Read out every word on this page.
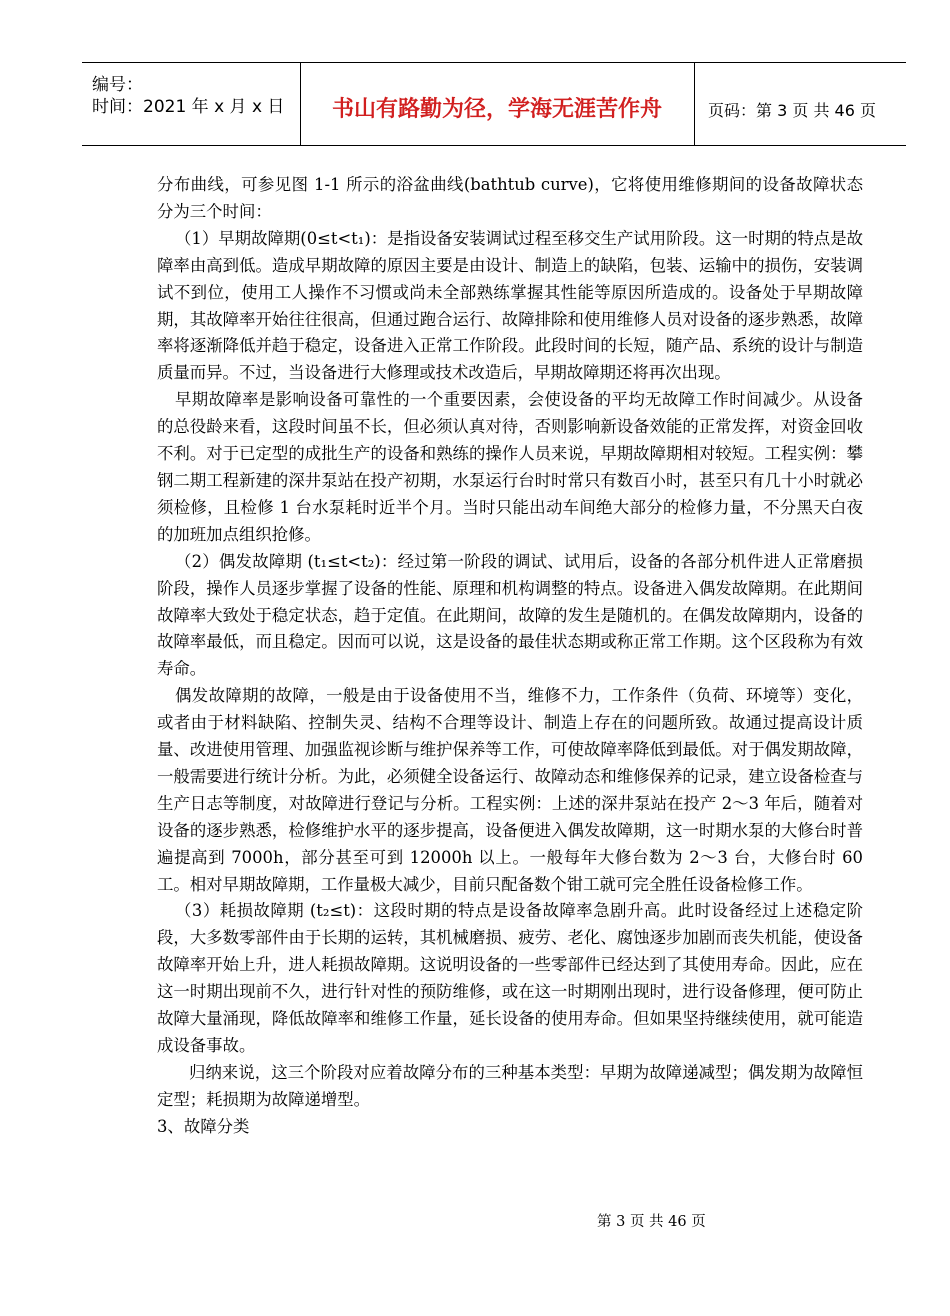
编号：
时间：2021 年 x 月 x 日	书山有路勤为径，学海无涯苦作舟	页码：第 3 页 共 46 页

分布曲线，可参见图 1-1 所示的浴盆曲线(bathtub curve)，它将使用维修期间的设备故障状态分为三个时间：

（1）早期故障期(0≤t<t₁)：是指设备安装调试过程至移交生产试用阶段。这一时期的特点是故障率由高到低。造成早期故障的原因主要是由设计、制造上的缺陷，包装、运输中的损伤，安装调试不到位，使用工人操作不习惯或尚未全部熟练掌握其性能等原因所造成的。设备处于早期故障期，其故障率开始往往很高，但通过跑合运行、故障排除和使用维修人员对设备的逐步熟悉，故障率将逐渐降低并趋于稳定，设备进入正常工作阶段。此段时间的长短，随产品、系统的设计与制造质量而异。不过，当设备进行大修理或技术改造后，早期故障期还将再次出现。

早期故障率是影响设备可靠性的一个重要因素，会使设备的平均无故障工作时间减少。从设备的总役龄来看，这段时间虽不长，但必须认真对待，否则影响新设备效能的正常发挥，对资金回收不利。对于已定型的成批生产的设备和熟练的操作人员来说，早期故障期相对较短。工程实例：攀钢二期工程新建的深井泵站在投产初期，水泵运行台时时常只有数百小时，甚至只有几十小时就必须检修，且检修 1 台水泵耗时近半个月。当时只能出动车间绝大部分的检修力量，不分黑天白夜的加班加点组织抢修。

（2）偶发故障期 (t₁≤t<t₂)：经过第一阶段的调试、试用后，设备的各部分机件进人正常磨损阶段，操作人员逐步掌握了设备的性能、原理和机构调整的特点。设备进入偶发故障期。在此期间故障率大致处于稳定状态，趋于定值。在此期间，故障的发生是随机的。在偶发故障期内，设备的故障率最低，而且稳定。因而可以说，这是设备的最佳状态期或称正常工作期。这个区段称为有效寿命。

偶发故障期的故障，一般是由于设备使用不当，维修不力，工作条件（负荷、环境等）变化，或者由于材料缺陷、控制失灵、结构不合理等设计、制造上存在的问题所致。故通过提高设计质量、改进使用管理、加强监视诊断与维护保养等工作，可使故障率降低到最低。对于偶发期故障，一般需要进行统计分析。为此，必须健全设备运行、故障动态和维修保养的记录，建立设备检查与生产日志等制度，对故障进行登记与分析。工程实例：上述的深井泵站在投产 2～3 年后，随着对设备的逐步熟悉，检修维护水平的逐步提高，设备便进入偶发故障期，这一时期水泵的大修台时普遍提高到 7000h，部分甚至可到 12000h 以上。一般每年大修台数为 2～3 台，大修台时 60 工。相对早期故障期，工作量极大减少，目前只配备数个钳工就可完全胜任设备检修工作。

（3）耗损故障期 (t₂≤t)：这段时期的特点是设备故障率急剧升高。此时设备经过上述稳定阶段，大多数零部件由于长期的运转，其机械磨损、疲劳、老化、腐蚀逐步加剧而丧失机能，使设备故障率开始上升，进人耗损故障期。这说明设备的一些零部件已经达到了其使用寿命。因此，应在这一时期出现前不久，进行针对性的预防维修，或在这一时期刚出现时，进行设备修理，便可防止故障大量涌现，降低故障率和维修工作量，延长设备的使用寿命。但如果坚持继续使用，就可能造成设备事故。

归纳来说，这三个阶段对应着故障分布的三种基本类型：早期为故障递减型；偶发期为故障恒定型；耗损期为故障递增型。

3、故障分类

第 3 页 共 46 页
